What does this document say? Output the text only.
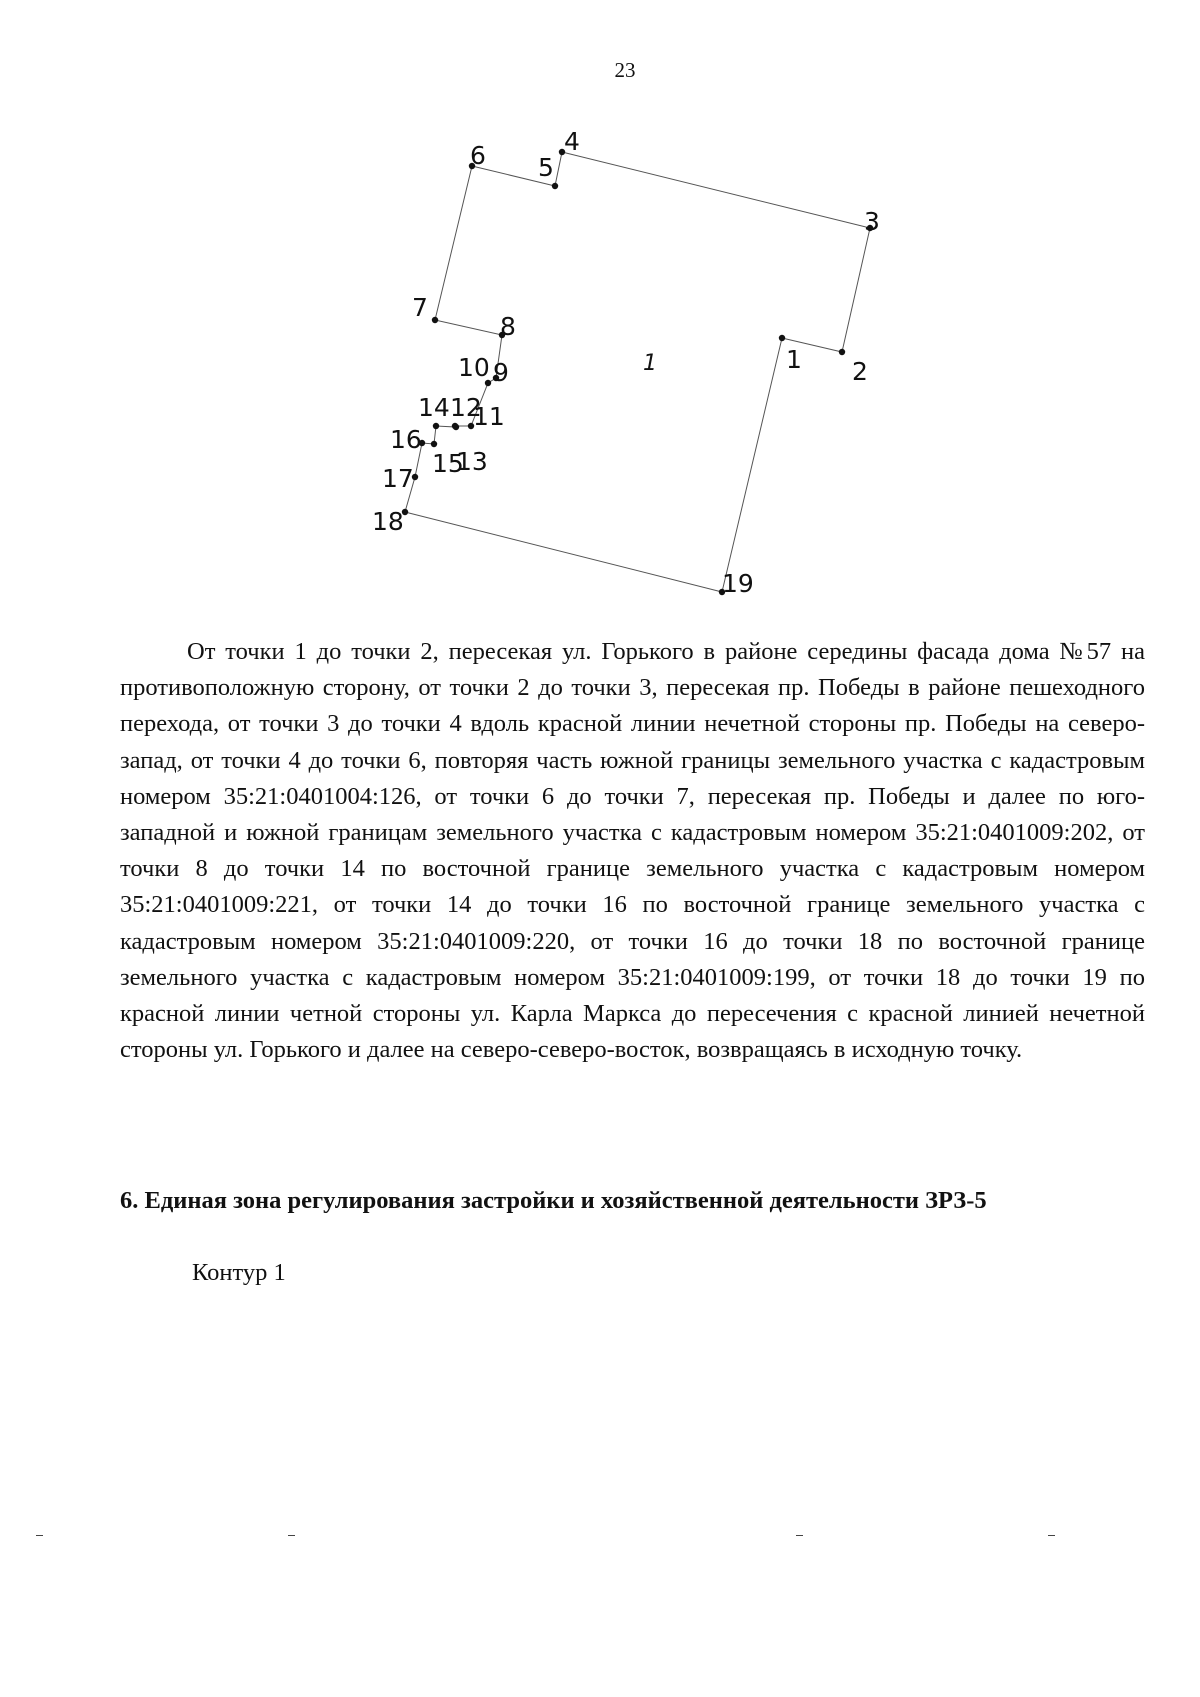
23
1 2
3
4
5
6
7
8
9
10
11
12
13
14
15
16
17
18
19
1

От точки 1 до точки 2, пересекая ул. Горького в районе середины фасада дома №57 на противоположную сторону, от точки 2 до точки 3, пересекая пр. Победы в районе пешеходного перехода, от точки 3 до точки 4 вдоль красной линии нечетной стороны пр. Победы на северо-запад, от точки 4 до точки 6, повторяя часть южной границы земельного участка с кадастровым номером 35:21:0401004:126, от точки 6 до точки 7, пересекая пр. Победы и далее по юго-западной и южной границам земельного участка с кадастровым номером 35:21:0401009:202, от точки 8 до точки 14 по восточной границе земельного участка с кадастровым номером 35:21:0401009:221, от точки 14 до точки 16 по восточной границе земельного участка с кадастровым номером 35:21:0401009:220, от точки 16 до точки 18 по восточной границе земельного участка с кадастровым номером 35:21:0401009:199, от точки 18 до точки 19 по красной линии четной стороны ул. Карла Маркса до пересечения с красной линией нечетной стороны ул. Горького и далее на северо-северо-восток, возвращаясь в исходную точку.

6. Единая зона регулирования застройки и хозяйственной деятельности ЗРЗ-5
Контур 1
